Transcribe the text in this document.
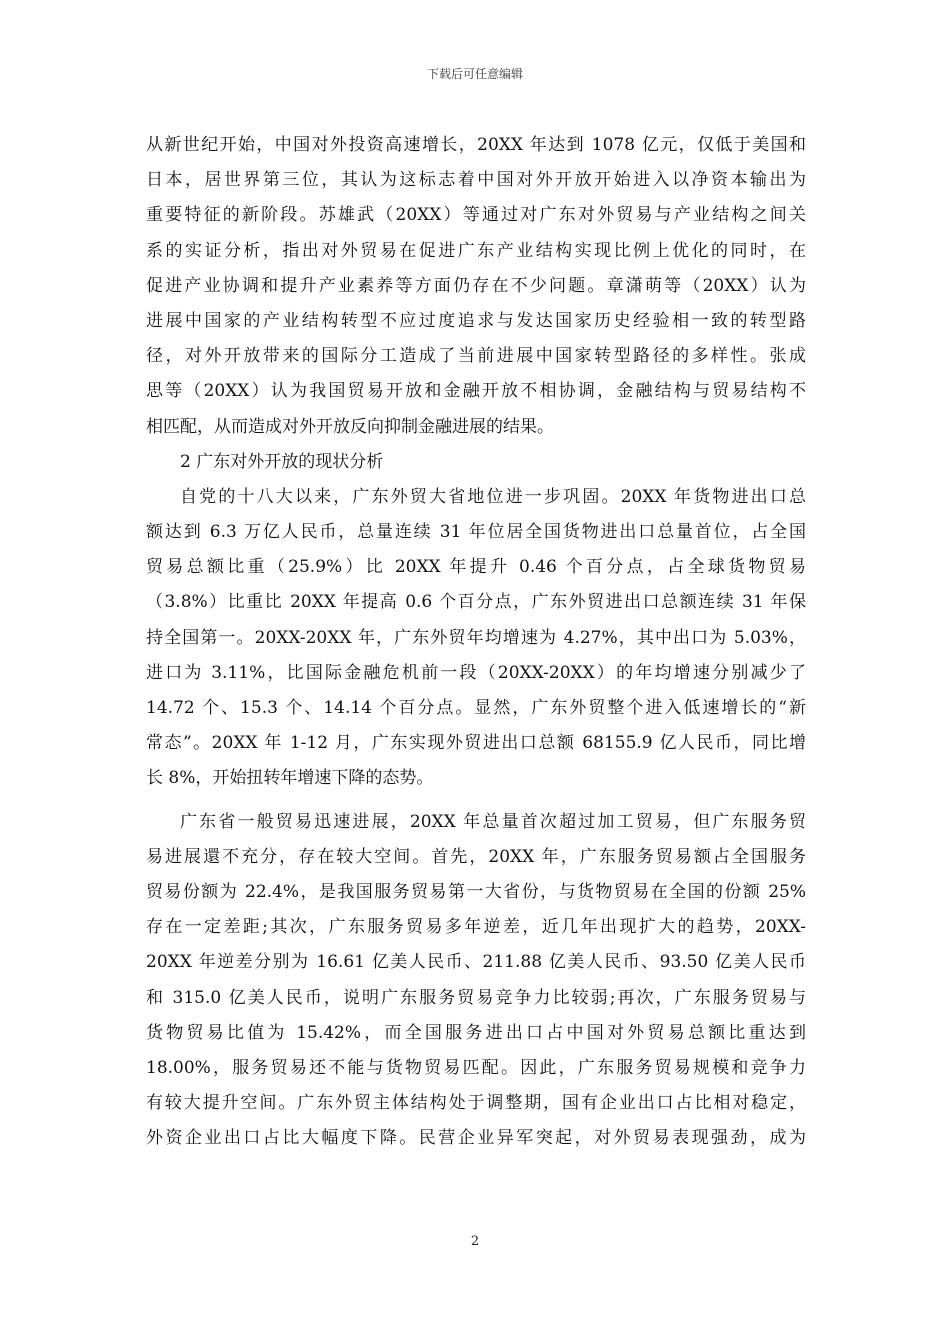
下载后可任意编辑
从新世纪开始，中国对外投资高速增长，20XX 年达到 1078 亿元，仅低于美国和
日本，居世界第三位，其认为这标志着中国对外开放开始进入以净资本输出为
重要特征的新阶段。苏雄武（20XX）等通过对广东对外贸易与产业结构之间关
系的实证分析，指出对外贸易在促进广东产业结构实现比例上优化的同时，在
促进产业协调和提升产业素养等方面仍存在不少问题。章潇萌等（20XX）认为
进展中国家的产业结构转型不应过度追求与发达国家历史经验相一致的转型路
径，对外开放带来的国际分工造成了当前进展中国家转型路径的多样性。张成
思等（20XX）认为我国贸易开放和金融开放不相协调，金融结构与贸易结构不
相匹配，从而造成对外开放反向抑制金融进展的结果。
2 广东对外开放的现状分析
自党的十八大以来，广东外贸大省地位进一步巩固。20XX 年货物进出口总
额达到 6.3 万亿人民币，总量连续 31 年位居全国货物进出口总量首位，占全国
贸易总额比重（25.9%）比 20XX 年提升 0.46 个百分点，占全球货物贸易
（3.8%）比重比 20XX 年提高 0.6 个百分点，广东外贸进出口总额连续 31 年保
持全国第一。20XX-20XX 年，广东外贸年均增速为 4.27%，其中出口为 5.03%，
进口为 3.11%，比国际金融危机前一段（20XX-20XX）的年均增速分别减少了
14.72 个、15.3 个、14.14 个百分点。显然，广东外贸整个进入低速增长的“新
常态”。20XX 年 1-12 月，广东实现外贸进出口总额 68155.9 亿人民币，同比增
长 8%，开始扭转年增速下降的态势。
广东省一般贸易迅速进展，20XX 年总量首次超过加工贸易，但广东服务贸
易进展還不充分，存在较大空间。首先，20XX 年，广东服务贸易额占全国服务
贸易份额为 22.4%，是我国服务贸易第一大省份，与货物贸易在全国的份额 25%
存在一定差距;其次，广东服务贸易多年逆差，近几年出现扩大的趋势，20XX-
20XX 年逆差分别为 16.61 亿美人民币、211.88 亿美人民币、93.50 亿美人民币
和 315.0 亿美人民币，说明广东服务贸易竞争力比较弱;再次，广东服务贸易与
货物贸易比值为 15.42%，而全国服务进出口占中国对外贸易总额比重达到
18.00%，服务贸易还不能与货物贸易匹配。因此，广东服务贸易规模和竞争力
有较大提升空间。广东外贸主体结构处于调整期，国有企业出口占比相对稳定，
外资企业出口占比大幅度下降。民营企业异军突起，对外贸易表现强劲，成为
2
